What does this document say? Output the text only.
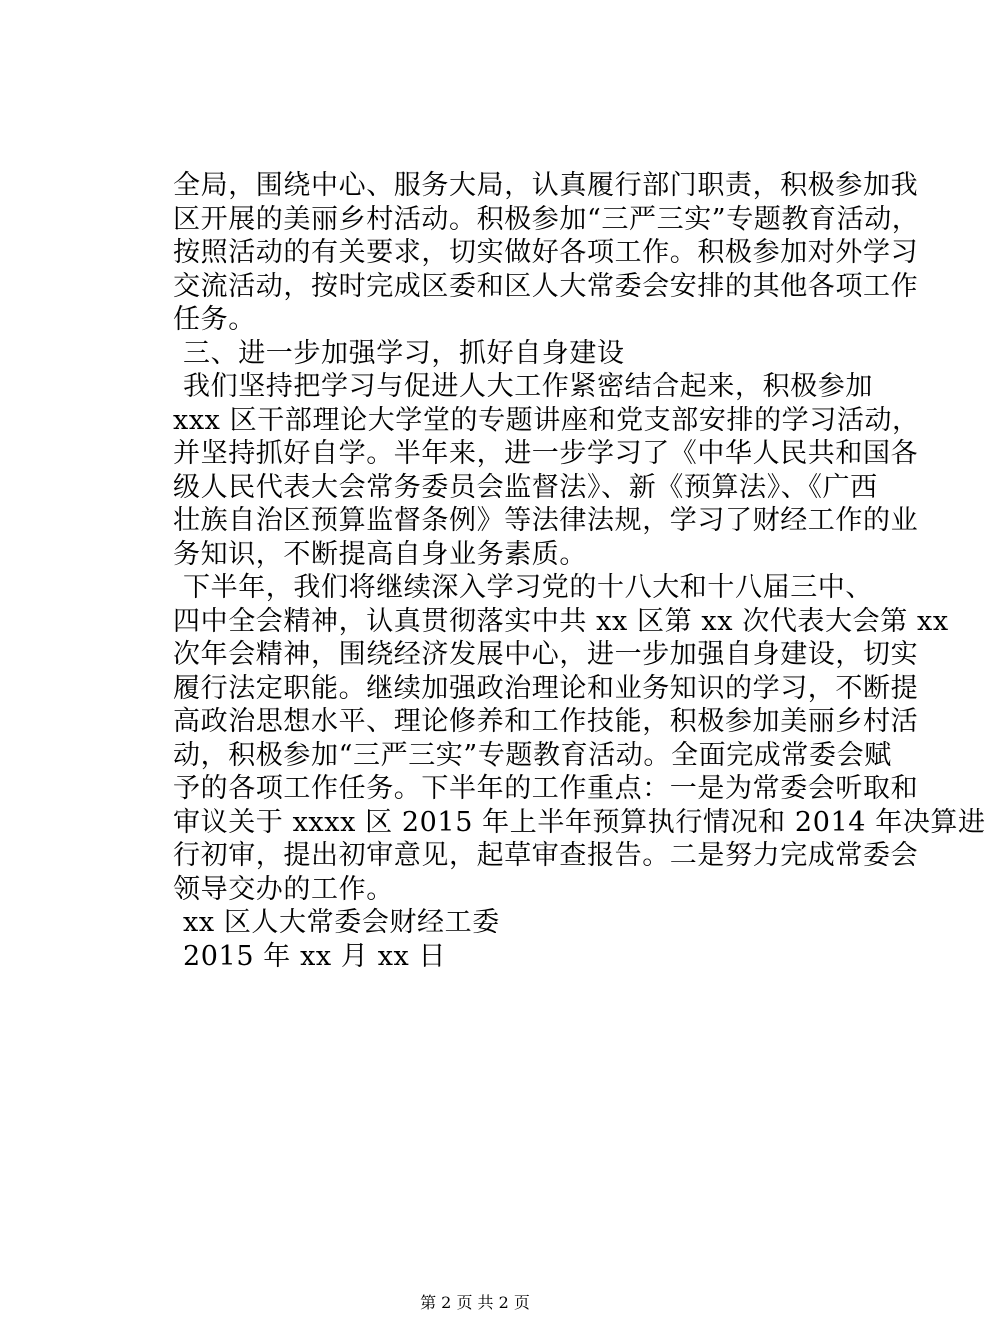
全局，围绕中心、服务大局，认真履行部门职责，积极参加我
区开展的美丽乡村活动。积极参加“三严三实”专题教育活动，
按照活动的有关要求，切实做好各项工作。积极参加对外学习
交流活动，按时完成区委和区人大常委会安排的其他各项工作
任务。
三、进一步加强学习，抓好自身建设
我们坚持把学习与促进人大工作紧密结合起来，积极参加
xxx 区干部理论大学堂的专题讲座和党支部安排的学习活动，
并坚持抓好自学。半年来，进一步学习了《中华人民共和国各
级人民代表大会常务委员会监督法》、新《预算法》、《广西
壮族自治区预算监督条例》等法律法规，学习了财经工作的业
务知识，不断提高自身业务素质。
下半年，我们将继续深入学习党的十八大和十八届三中、
四中全会精神，认真贯彻落实中共 xx 区第 xx 次代表大会第 xx
次年会精神，围绕经济发展中心，进一步加强自身建设，切实
履行法定职能。继续加强政治理论和业务知识的学习，不断提
高政治思想水平、理论修养和工作技能，积极参加美丽乡村活
动，积极参加“三严三实”专题教育活动。全面完成常委会赋
予的各项工作任务。下半年的工作重点：一是为常委会听取和
审议关于 xxxx 区 2015 年上半年预算执行情况和 2014 年决算进
行初审，提出初审意见，起草审查报告。二是努力完成常委会
领导交办的工作。
xx 区人大常委会财经工委
2015 年 xx 月 xx 日
第 2 页 共 2 页
